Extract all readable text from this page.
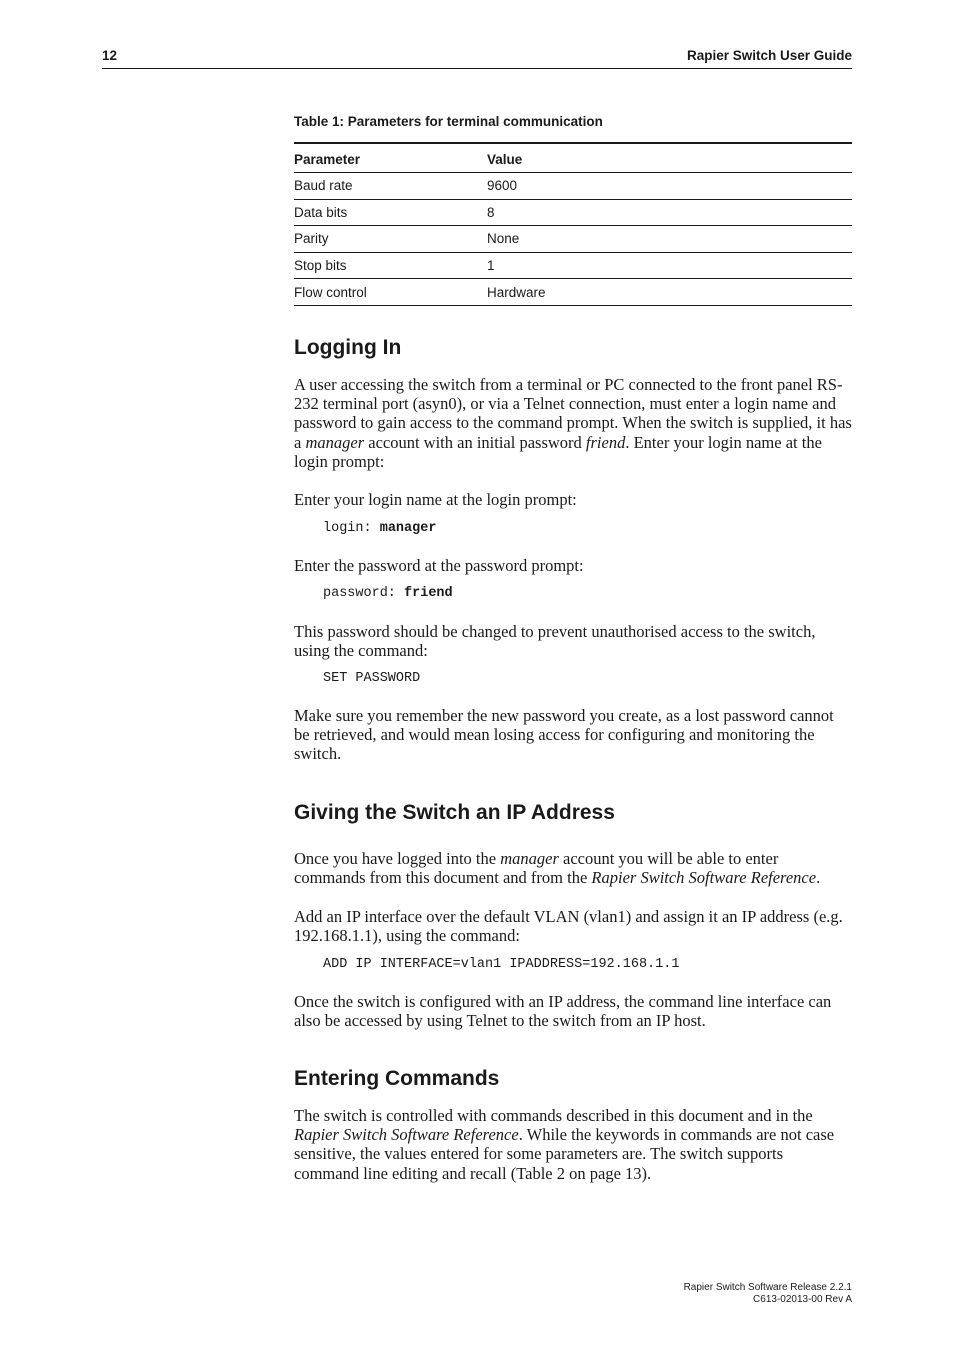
12	Rapier Switch User Guide
Table 1: Parameters for terminal communication
Parameter	Value
Baud rate	9600
Data bits	8
Parity	None
Stop bits	1
Flow control	Hardware
Logging In

A user accessing the switch from a terminal or PC connected to the front panel RS-232 terminal port (asyn0), or via a Telnet connection, must enter a login name and password to gain access to the command prompt. When the switch is supplied, it has a manager account with an initial password friend. Enter your login name at the login prompt:

Enter your login name at the login prompt:

login: manager

Enter the password at the password prompt:

password: friend

This password should be changed to prevent unauthorised access to the switch, using the command:

SET PASSWORD

Make sure you remember the new password you create, as a lost password cannot be retrieved, and would mean losing access for configuring and monitoring the switch.

Giving the Switch an IP Address

Once you have logged into the manager account you will be able to enter commands from this document and from the Rapier Switch Software Reference.

Add an IP interface over the default VLAN (vlan1) and assign it an IP address (e.g. 192.168.1.1), using the command:

ADD IP INTERFACE=vlan1 IPADDRESS=192.168.1.1

Once the switch is configured with an IP address, the command line interface can also be accessed by using Telnet to the switch from an IP host.

Entering Commands

The switch is controlled with commands described in this document and in the Rapier Switch Software Reference. While the keywords in commands are not case sensitive, the values entered for some parameters are. The switch supports command line editing and recall (Table 2 on page 13).

Rapier Switch Software Release 2.2.1
C613-02013-00 Rev A
